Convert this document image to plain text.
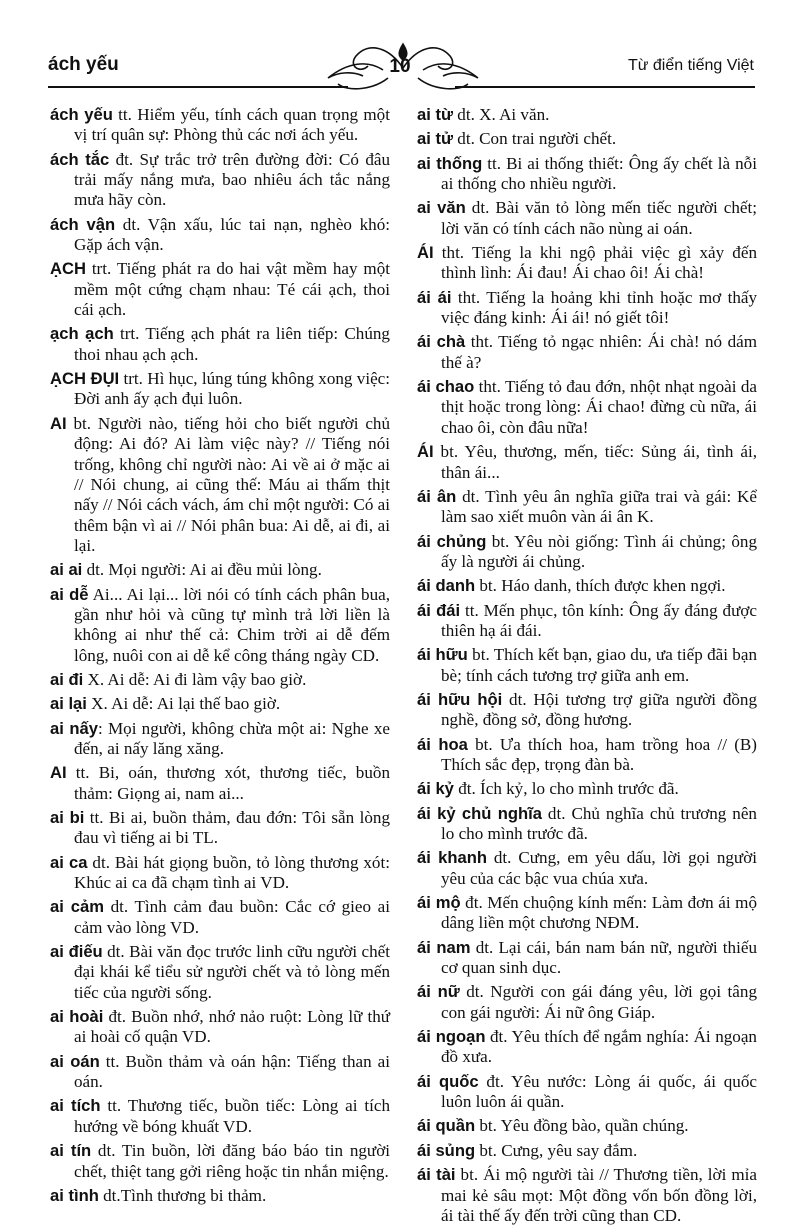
ách yếu	10	Từ điển tiếng Việt
ách yếu tt. Hiểm yếu, tính cách quan trọng một vị trí quân sự: Phòng thủ các nơi ách yếu.
ách tắc đt. Sự trắc trở trên đường đời: Có đâu trải mấy nắng mưa, bao nhiêu ách tắc nắng mưa hãy còn.
ách vận dt. Vận xấu, lúc tai nạn, nghèo khó: Gặp ách vận.
ẠCH trt. Tiếng phát ra do hai vật mềm hay một mềm một cứng chạm nhau: Té cái ạch, thoi cái ạch.
ạch ạch trt. Tiếng ạch phát ra liên tiếp: Chúng thoi nhau ạch ạch.
ẠCH ĐỤI trt. Hì hục, lúng túng không xong việc: Đời anh ấy ạch đụi luôn.
AI bt. Người nào, tiếng hỏi cho biết người chủ động: Ai đó? Ai làm việc này? // Tiếng nói trống, không chỉ người nào: Ai về ai ở mặc ai // Nói chung, ai cũng thế: Máu ai thấm thịt nấy // Nói cách vách, ám chỉ một người: Có ai thêm bận vì ai // Nói phân bua: Ai dễ, ai đi, ai lại.
ai ai dt. Mọi người: Ai ai đều mủi lòng.
ai dễ Ai... Ai lại... lời nói có tính cách phân bua, gần như hỏi và cũng tự mình trả lời liền là không ai như thế cả: Chim trời ai dễ đếm lông, nuôi con ai dễ kể công tháng ngày CD.
ai đi X. Ai dễ: Ai đi làm vậy bao giờ.
ai lại X. Ai dễ: Ai lại thế bao giờ.
ai nấy: Mọi người, không chừa một ai: Nghe xe đến, ai nấy lăng xăng.
AI tt. Bi, oán, thương xót, thương tiếc, buồn thảm: Giọng ai, nam ai...
ai bi tt. Bi ai, buồn thảm, đau đớn: Tôi sẵn lòng đau vì tiếng ai bi TL.
ai ca dt. Bài hát giọng buồn, tỏ lòng thương xót: Khúc ai ca đã chạm tình ai VD.
ai cảm dt. Tình cảm đau buồn: Cắc cớ gieo ai cảm vào lòng VD.
ai điếu dt. Bài văn đọc trước linh cữu người chết đại khái kể tiểu sử người chết và tỏ lòng mến tiếc của người sống.
ai hoài đt. Buồn nhớ, nhớ nảo ruột: Lòng lữ thứ ai hoài cố quận VD.
ai oán tt. Buồn thảm và oán hận: Tiếng than ai oán.
ai tích tt. Thương tiếc, buồn tiếc: Lòng ai tích hướng về bóng khuất VD.
ai tín dt. Tin buồn, lời đăng báo báo tin người chết, thiệt tang gởi riêng hoặc tin nhắn miệng.
ai tình dt.Tình thương bi thảm.
ai từ dt. X. Ai văn.
ai tử dt. Con trai người chết.
ai thống tt. Bi ai thống thiết: Ông ấy chết là nỗi ai thống cho nhiều người.
ai văn dt. Bài văn tỏ lòng mến tiếc người chết; lời văn có tính cách não nùng ai oán.
ÁI tht. Tiếng la khi ngộ phải việc gì xảy đến thình lình: Ái đau! Ái chao ôi! Ái chà!
ái ái tht. Tiếng la hoảng khi tỉnh hoặc mơ thấy việc đáng kinh: Ái ái! nó giết tôi!
ái chà tht. Tiếng tỏ ngạc nhiên: Ái chà! nó dám thế à?
ái chao tht. Tiếng tỏ đau đớn, nhột nhạt ngoài da thịt hoặc trong lòng: Ái chao! đừng cù nữa, ái chao ôi, còn đâu nữa!
ÁI bt. Yêu, thương, mến, tiếc: Sủng ái, tình ái, thân ái...
ái ân dt. Tình yêu ân nghĩa giữa trai và gái: Kể làm sao xiết muôn vàn ái ân K.
ái chủng bt. Yêu nòi giống: Tình ái chủng; ông ấy là người ái chủng.
ái danh bt. Háo danh, thích được khen ngợi.
ái đái tt. Mến phục, tôn kính: Ông ấy đáng được thiên hạ ái đái.
ái hữu bt. Thích kết bạn, giao du, ưa tiếp đãi bạn bè; tính cách tương trợ giữa anh em.
ái hữu hội dt. Hội tương trợ giữa người đồng nghề, đồng sở, đồng hương.
ái hoa bt. Ưa thích hoa, ham trồng hoa // (B) Thích sắc đẹp, trọng đàn bà.
ái kỷ đt. Ích kỷ, lo cho mình trước đã.
ái kỷ chủ nghĩa dt. Chủ nghĩa chủ trương nên lo cho mình trước đã.
ái khanh dt. Cưng, em yêu dấu, lời gọi người yêu của các bậc vua chúa xưa.
ái mộ đt. Mến chuộng kính mến: Làm đơn ái mộ dâng liền một chương NĐM.
ái nam dt. Lại cái, bán nam bán nữ, người thiếu cơ quan sinh dục.
ái nữ dt. Người con gái đáng yêu, lời gọi tâng con gái người: Ái nữ ông Giáp.
ái ngoạn đt. Yêu thích để ngắm nghía: Ái ngoạn đồ xưa.
ái quốc đt. Yêu nước: Lòng ái quốc, ái quốc luôn luôn ái quần.
ái quần bt. Yêu đồng bào, quần chúng.
ái sủng bt. Cưng, yêu say đắm.
ái tài bt. Ái mộ người tài // Thương tiền, lời mỉa mai kẻ sâu mọt: Một đồng vốn bốn đồng lời, ái tài thế ấy đến trời cũng than CD.
